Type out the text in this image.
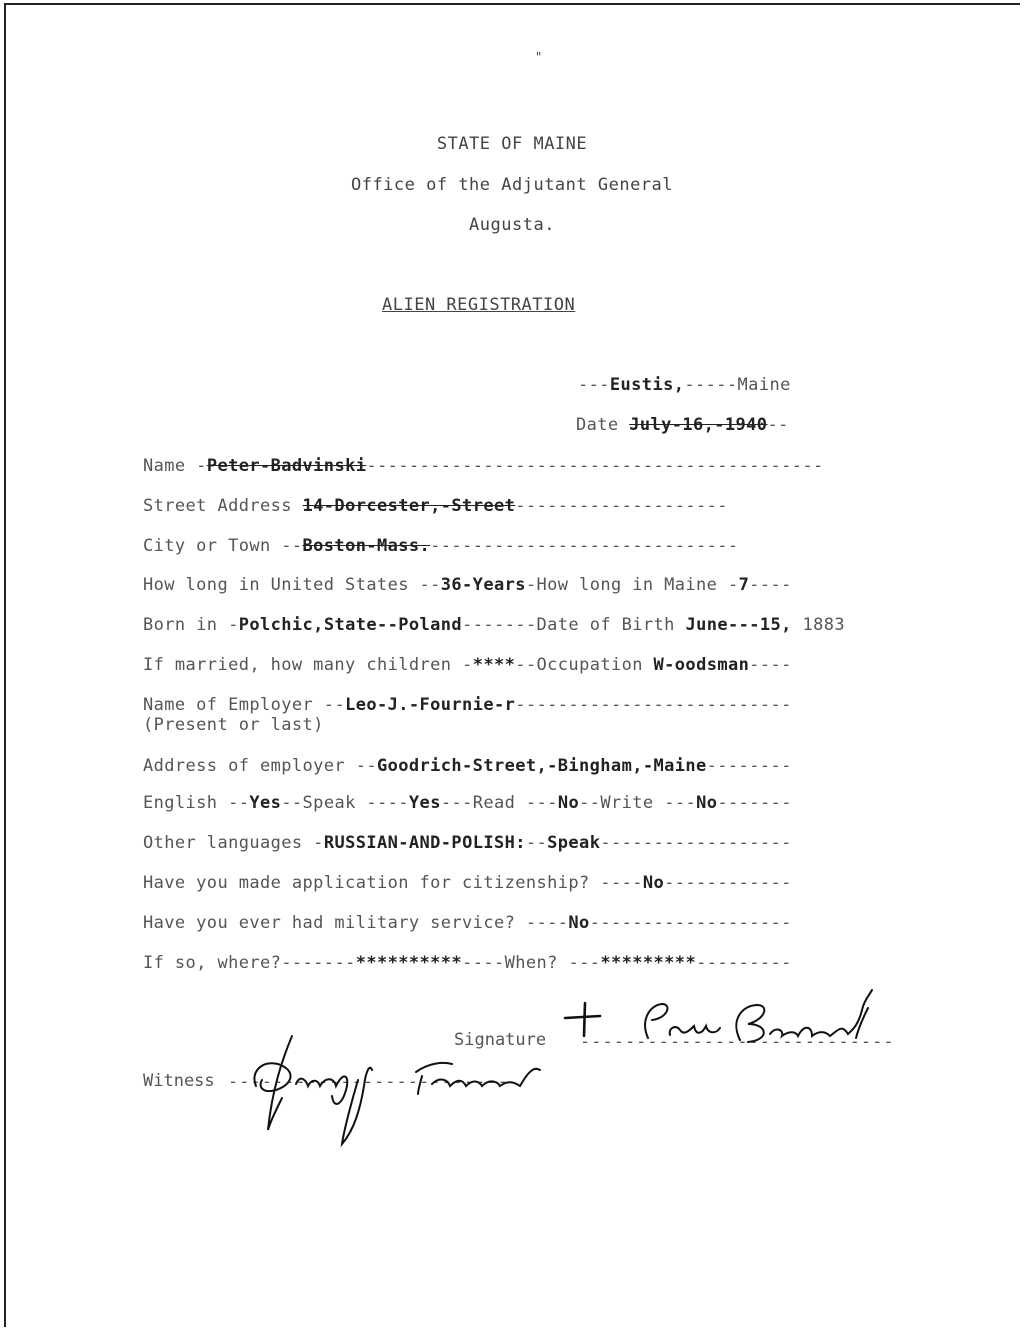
"
STATE OF MAINE
Office of the Adjutant General
Augusta.
ALIEN REGISTRATION
---Eustis,-----Maine
Date July-16,-1940--
Name -Peter-Badvinski-------------------------------------------
Street Address 14-Dorcester,-Street--------------------
City or Town --Boston-Mass.-----------------------------
How long in United States --36-Years-How long in Maine -7----
Born in -Polchic,State--Poland-------Date of Birth June---15, 1883
If married, how many children -****--Occupation W-oodsman----
Name of Employer --Leo-J.-Fournie-r--------------------------
(Present or last)
Address of employer --Goodrich-Street,-Bingham,-Maine--------
English --Yes--Speak ----Yes---Read ---No--Write ---No-------
Other languages -RUSSIAN-AND-POLISH:--Speak------------------
Have you made application for citizenship? ----No------------
Have you ever had military service? ----No-------------------
If so, where?-------**********----When? ---*********---------
Signature ----------------------------
Witness -------------------------
